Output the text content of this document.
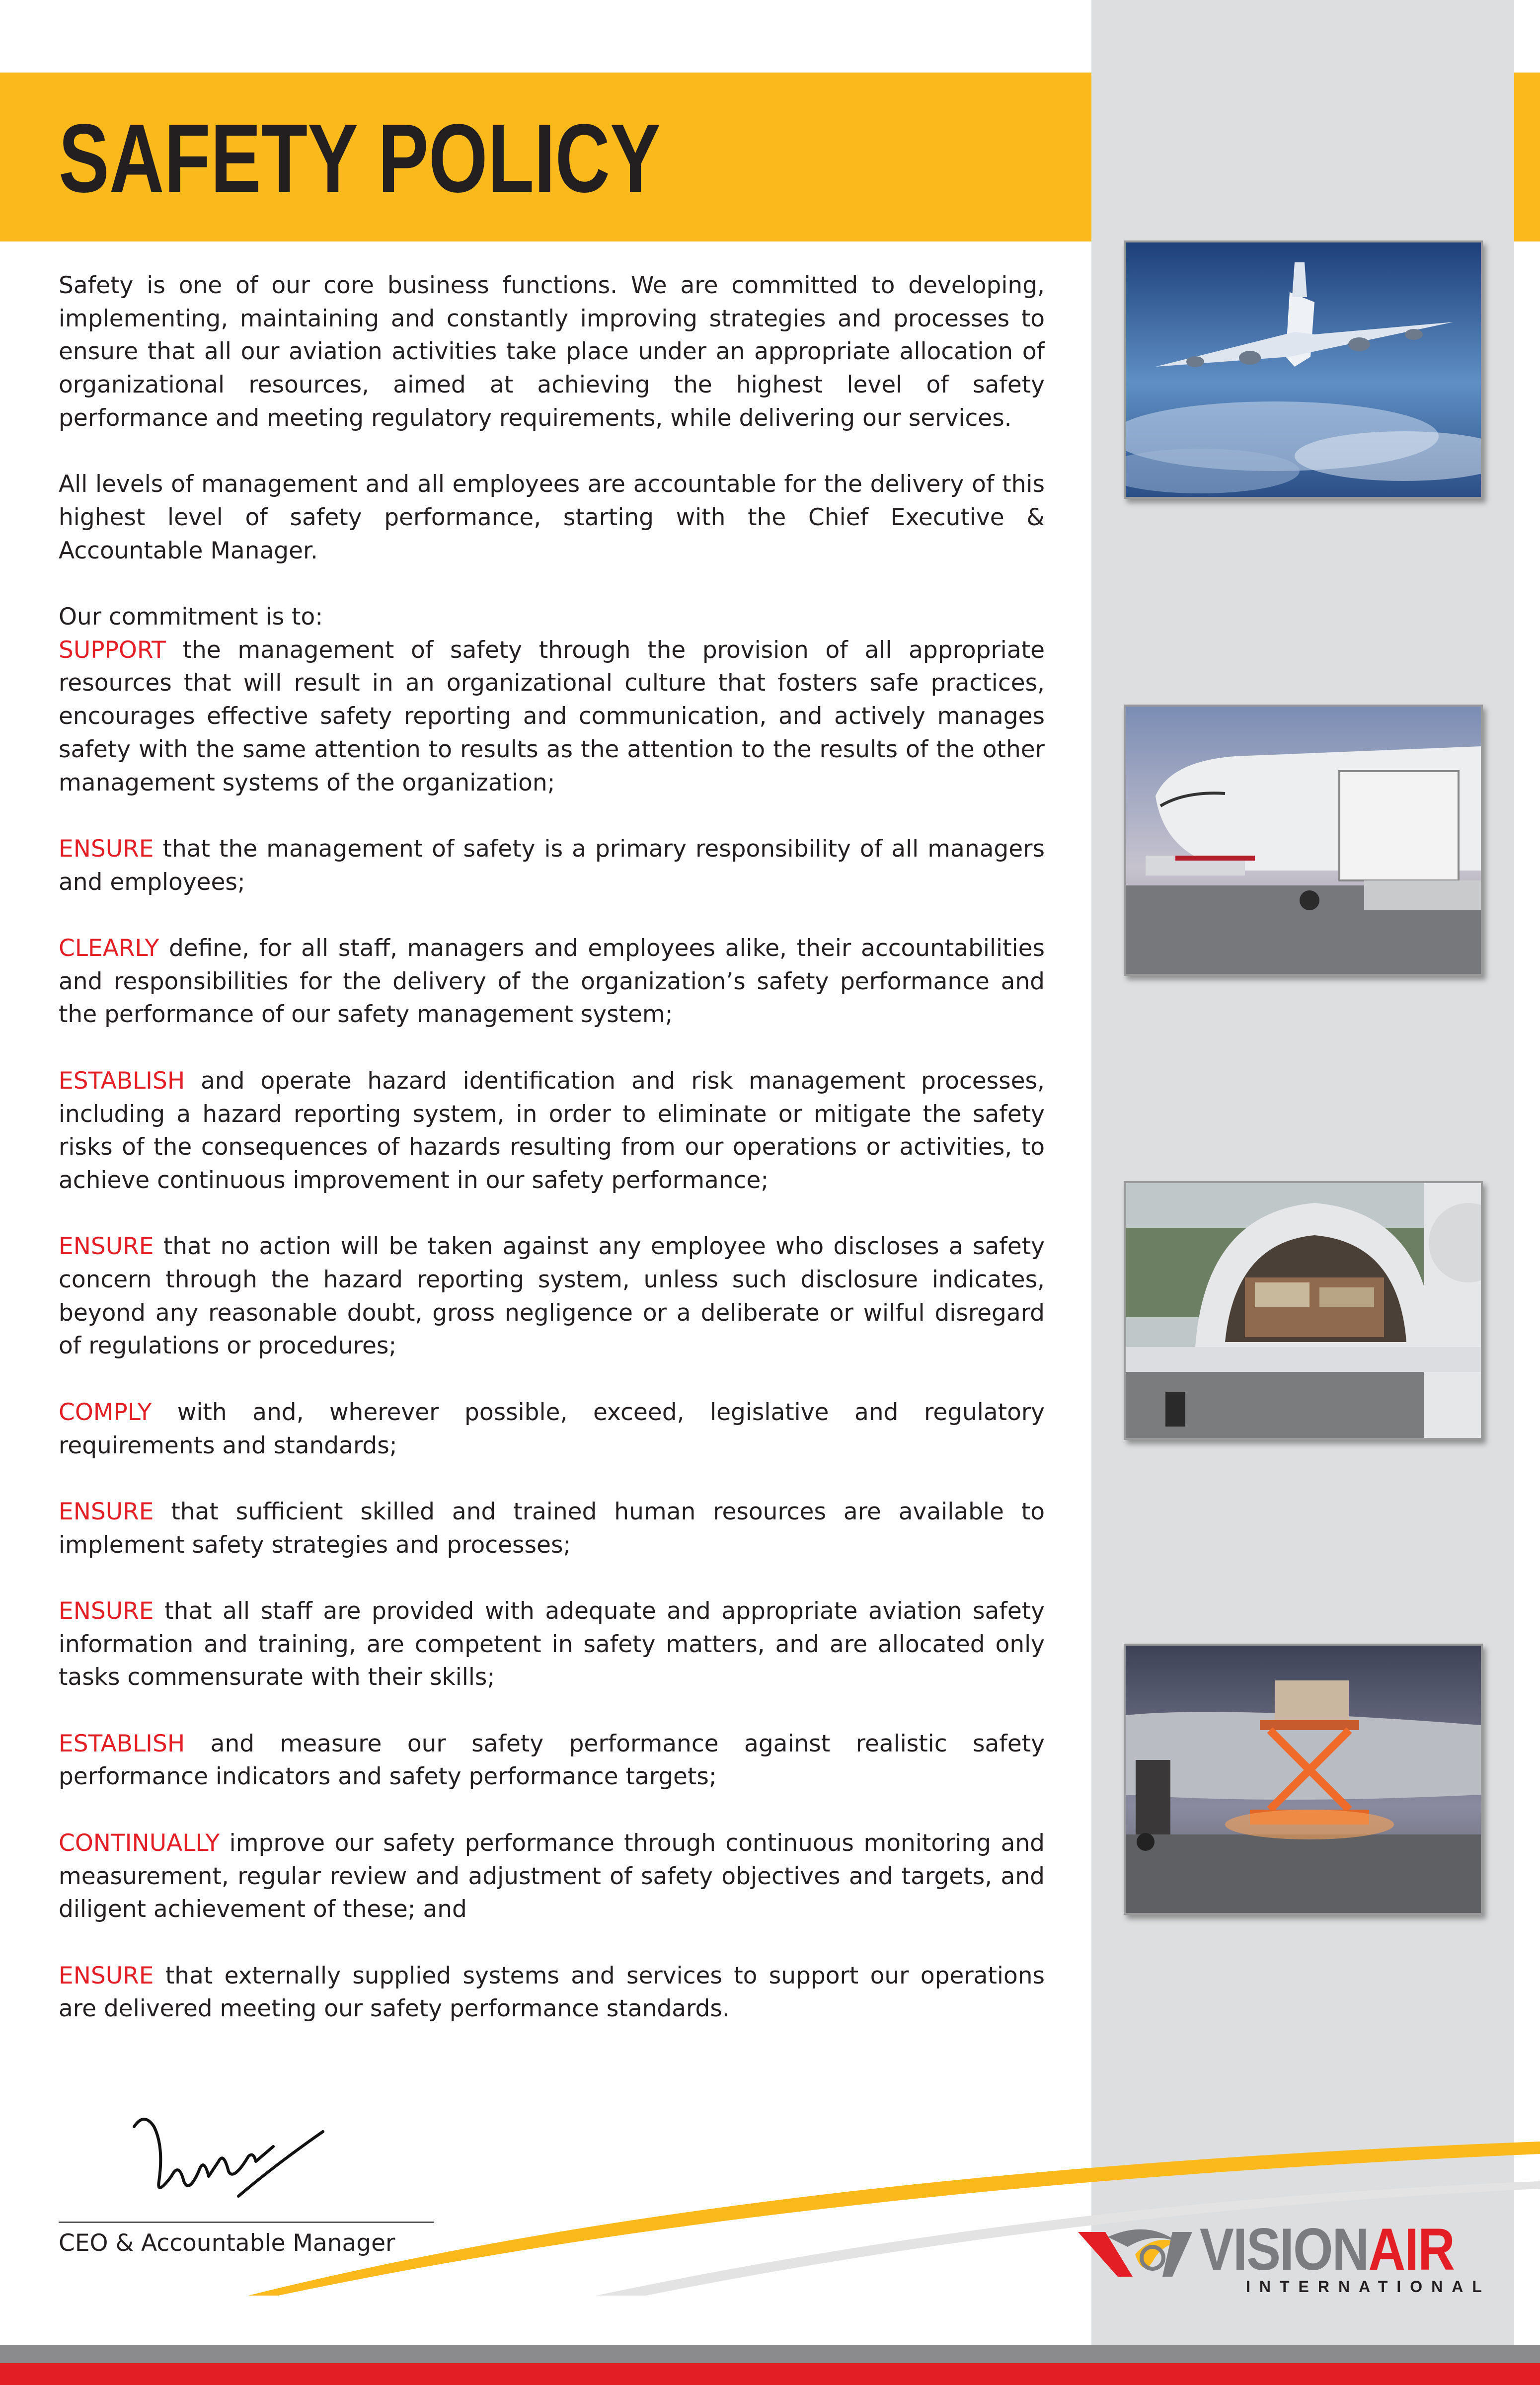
SAFETY POLICY

Safety is one of our core business functions. We are committed to developing, implementing, maintaining and constantly improving strategies and processes to ensure that all our aviation activities take place under an appropriate allocation of organizational resources, aimed at achieving the highest level of safety performance and meeting regulatory requirements, while delivering our services.

All levels of management and all employees are accountable for the delivery of this highest level of safety performance, starting with the Chief Executive & Accountable Manager.

Our commitment is to:

SUPPORT the management of safety through the provision of all appropriate resources that will result in an organizational culture that fosters safe practices, encourages effective safety reporting and communication, and actively manages safety with the same attention to results as the attention to the results of the other management systems of the organization;

ENSURE that the management of safety is a primary responsibility of all managers and employees;

CLEARLY define, for all staff, managers and employees alike, their accountabilities and responsibilities for the delivery of the organization’s safety performance and the performance of our safety management system;

ESTABLISH and operate hazard identification and risk management processes, including a hazard reporting system, in order to eliminate or mitigate the safety risks of the consequences of hazards resulting from our operations or activities, to achieve continuous improvement in our safety performance;

ENSURE that no action will be taken against any employee who discloses a safety concern through the hazard reporting system, unless such disclosure indicates, beyond any reasonable doubt, gross negligence or a deliberate or wilful disregard of regulations or procedures;

COMPLY with and, wherever possible, exceed, legislative and regulatory requirements and standards;

ENSURE that sufficient skilled and trained human resources are available to implement safety strategies and processes;

ENSURE that all staff are provided with adequate and appropriate aviation safety information and training, are competent in safety matters, and are allocated only tasks commensurate with their skills;

ESTABLISH and measure our safety performance against realistic safety performance indicators and safety performance targets;

CONTINUALLY improve our safety performance through continuous monitoring and measurement, regular review and adjustment of safety objectives and targets, and diligent achievement of these; and

ENSURE that externally supplied systems and services to support our operations are delivered meeting our safety performance standards.

CEO & Accountable Manager	VISIONAIR

INTERNATIONAL
